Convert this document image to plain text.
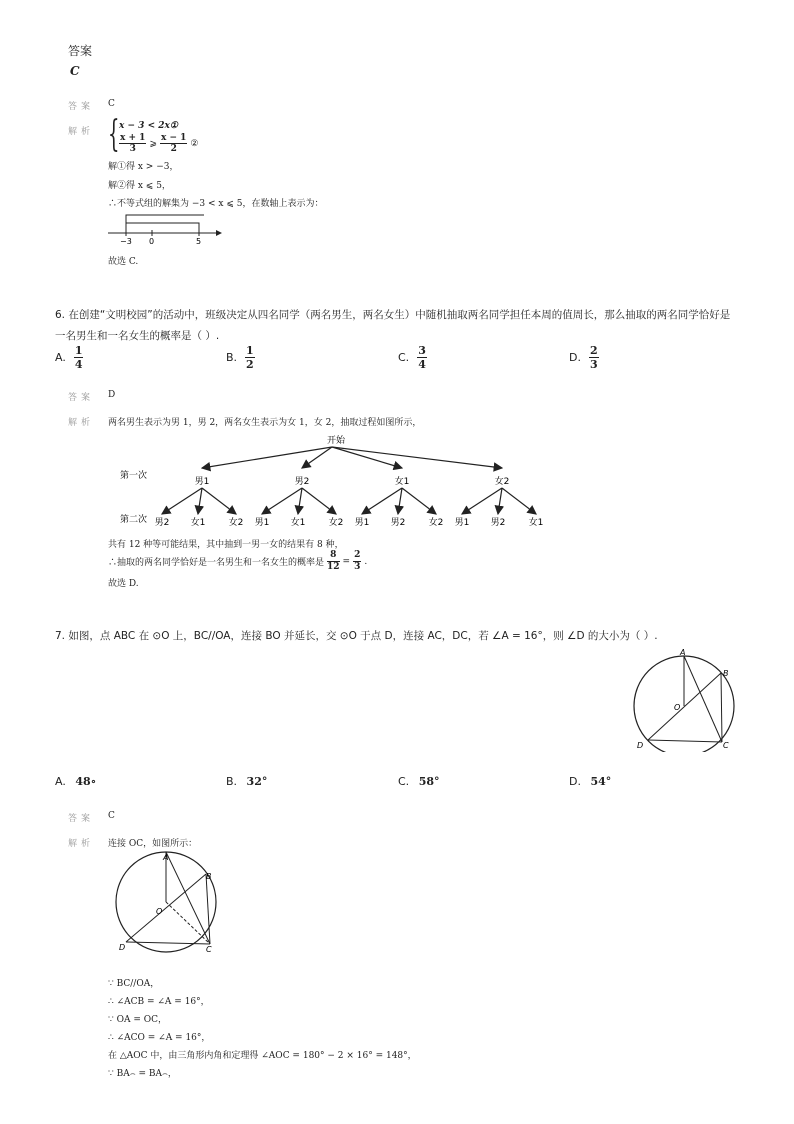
答案
C
答案 C
解析 { x − 3 < 2x①
$\frac{x + 1}{3}$ ⩾ $\frac{x - 1}{2}$ ②
解①得 x > −3，
解②得 x ⩽ 5，
∴不等式组的解集为 −3 < x ⩽ 5，在数轴上表示为：
−3 0	5
故选 C.
6. 在创建“文明校园”的活动中，班级决定从四名同学（两名男生，两名女生）中随机抽取两名同学担任本周的值周长，那么抽取的两名同学恰好是
一名男生和一名女生的概率是（ ）.
A. $\frac{1}{4}$	B. $\frac{1}{2}$	C. $\frac{3}{4}$	D. $\frac{2}{3}$
答案 D
解析 两名男生表示为男 1，男 2，两名女生表示为女 1，女 2，抽取过程如图所示，
开始
第一次
第二次
男1
男2 女1	女2
男2
男1 女1	女2
女1
男1 男2	女2
女2
男1 男2	女1
共有 12 种等可能结果，其中抽到一男一女的结果有 8 种，
∴抽取的两名同学恰好是一名男生和一名女生的概率是 $\frac{8}{12} = \frac{2}{3}$ .
故选 D.
7. 如图，点 ABC 在 ⊙O 上，BC//OA，连接 BO 并延长，交 ⊙O 于点 D，连接 AC，DC，若 ∠A = 16°，则 ∠D 的大小为（ ）.
A
B
O
D	C
A. 48∘	B. 32°	C. 58°	D. 54°
答案 C
解析 连接 OC，如图所示：
A
B
O
D	C
∵ BC//OA，
∴ ∠ACB = ∠A = 16°，
∵ OA = OC，
∴ ∠ACO = ∠A = 16°，
在 △AOC 中，由三角形内角和定理得 ∠AOC = 180° − 2 × 16° = 148°，
∵ BA⌢ = BA⌢，
